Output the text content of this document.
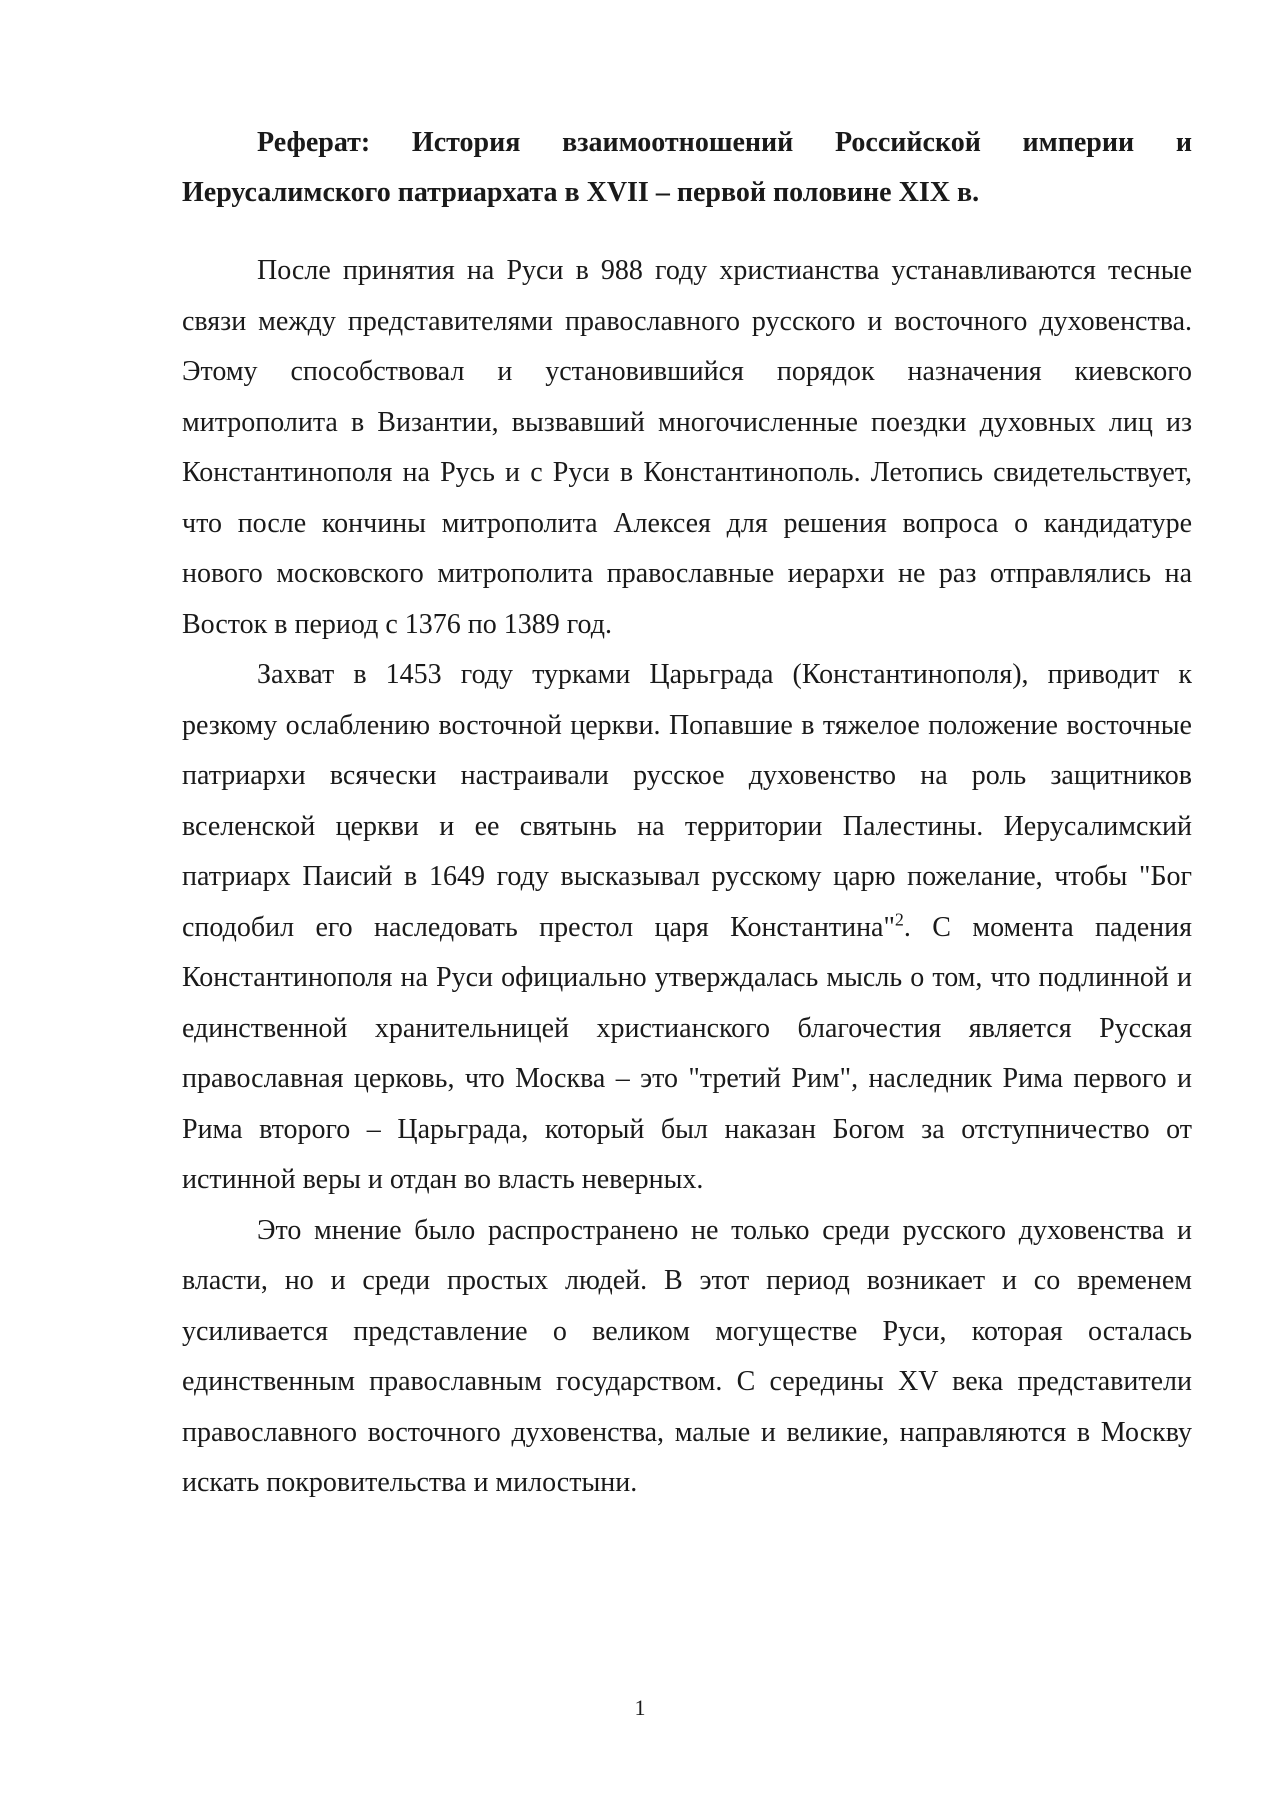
Реферат: История взаимоотношений Российской империи и Иерусалимского патриархата в XVII – первой половине XIX в.

После принятия на Руси в 988 году христианства устанавливаются тесные связи между представителями православного русского и восточного духовенства. Этому способствовал и установившийся порядок назначения киевского митрополита в Византии, вызвавший многочисленные поездки духовных лиц из Константинополя на Русь и с Руси в Константинополь. Летопись свидетельствует, что после кончины митрополита Алексея для решения вопроса о кандидатуре нового московского митрополита православные иерархи не раз отправлялись на Восток в период с 1376 по 1389 год.

Захват в 1453 году турками Царьграда (Константинополя), приводит к резкому ослаблению восточной церкви. Попавшие в тяжелое положение восточные патриархи всячески настраивали русское духовенство на роль защитников вселенской церкви и ее святынь на территории Палестины. Иерусалимский патриарх Паисий в 1649 году высказывал русскому царю пожелание, чтобы "Бог сподобил его наследовать престол царя Константина"$^2$. С момента падения Константинополя на Руси официально утверждалась мысль о том, что подлинной и единственной хранительницей христианского благочестия является Русская православная церковь, что Москва – это "третий Рим", наследник Рима первого и Рима второго – Царьграда, который был наказан Богом за отступничество от истинной веры и отдан во власть неверных.

Это мнение было распространено не только среди русского духовенства и власти, но и среди простых людей. В этот период возникает и со временем усиливается представление о великом могуществе Руси, которая осталась единственным православным государством. С середины XV века представители православного восточного духовенства, малые и великие, направляются в Москву искать покровительства и милостыни.

1
